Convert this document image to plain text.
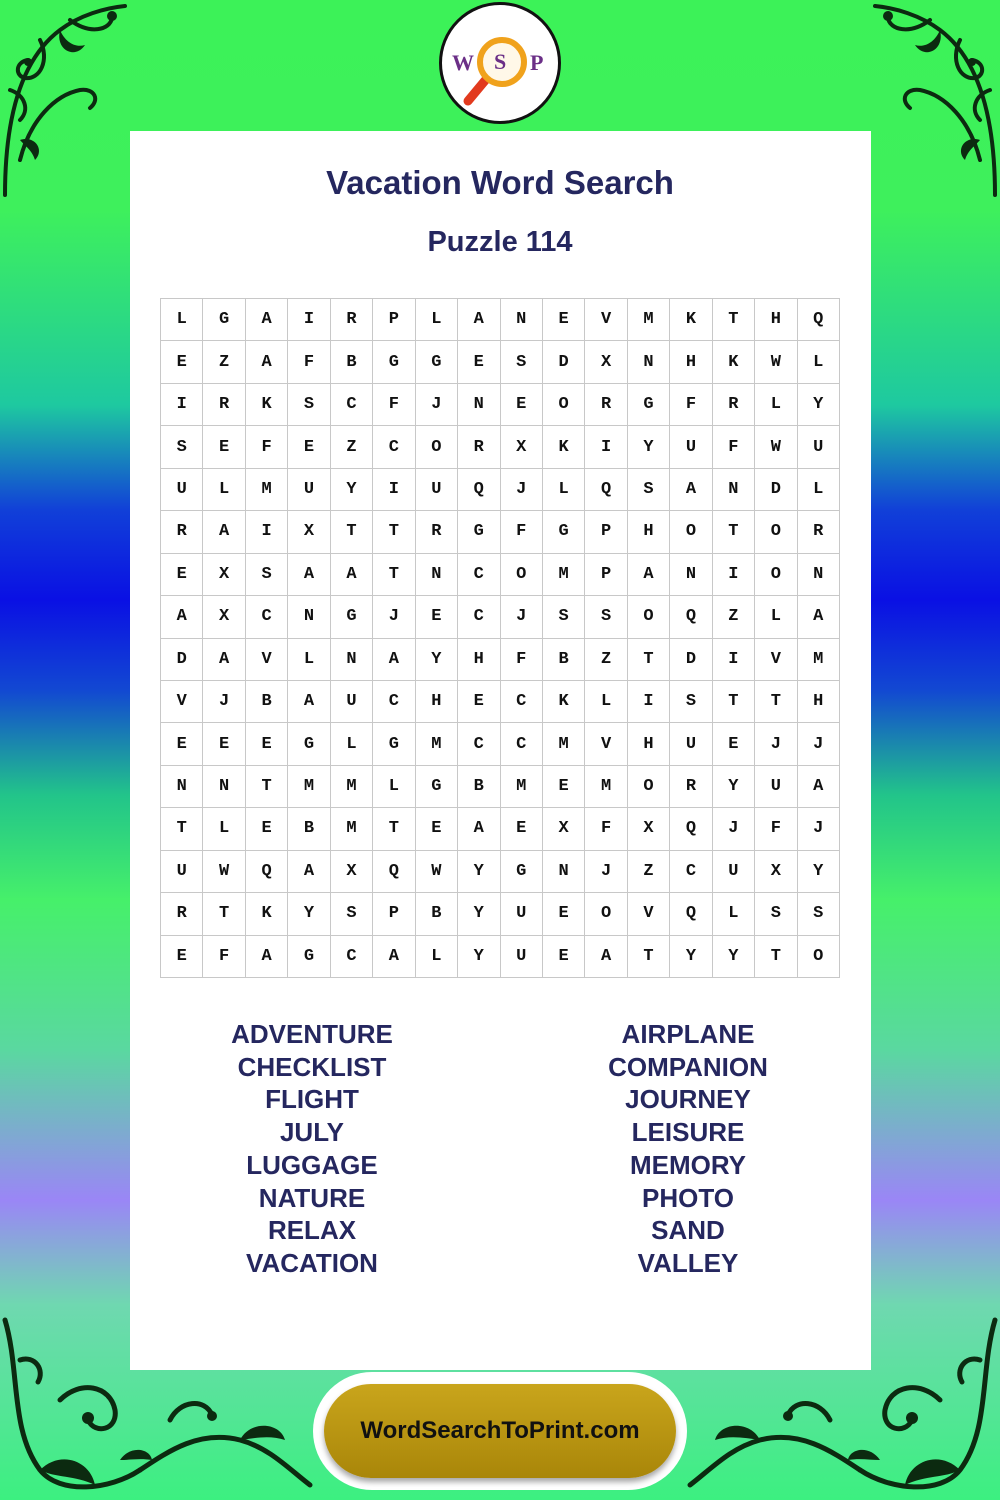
W S P
Vacation Word Search
Puzzle 114
L	G	A	I	R	P	L	A	N	E	V	M	K	T	H	Q
E	Z	A	F	B	G	G	E	S	D	X	N	H	K	W	L
I	R	K	S	C	F	J	N	E	O	R	G	F	R	L	Y
S	E	F	E	Z	C	O	R	X	K	I	Y	U	F	W	U
U	L	M	U	Y	I	U	Q	J	L	Q	S	A	N	D	L
R	A	I	X	T	T	R	G	F	G	P	H	O	T	O	R
E	X	S	A	A	T	N	C	O	M	P	A	N	I	O	N
A	X	C	N	G	J	E	C	J	S	S	O	Q	Z	L	A
D	A	V	L	N	A	Y	H	F	B	Z	T	D	I	V	M
V	J	B	A	U	C	H	E	C	K	L	I	S	T	T	H
E	E	E	G	L	G	M	C	C	M	V	H	U	E	J	J
N	N	T	M	M	L	G	B	M	E	M	O	R	Y	U	A
T	L	E	B	M	T	E	A	E	X	F	X	Q	J	F	J
U	W	Q	A	X	Q	W	Y	G	N	J	Z	C	U	X	Y
R	T	K	Y	S	P	B	Y	U	E	O	V	Q	L	S	S
E	F	A	G	C	A	L	Y	U	E	A	T	Y	Y	T	O
ADVENTURE
CHECKLIST
FLIGHT
JULY
LUGGAGE
NATURE
RELAX
VACATION
AIRPLANE
COMPANION
JOURNEY
LEISURE
MEMORY
PHOTO
SAND
VALLEY
WordSearchToPrint.com
